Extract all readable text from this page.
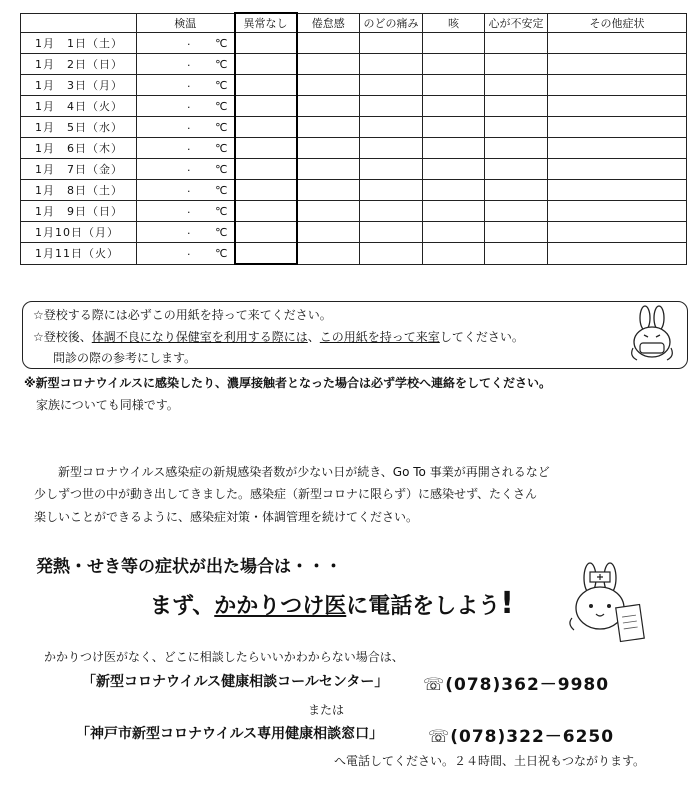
	検温	異常なし	倦怠感	のどの痛み	咳	心が不安定	その他症状
1月　1日（土）	. ℃						
1月　2日（日）	. ℃						
1月　3日（月）	. ℃						
1月　4日（火）	. ℃						
1月　5日（水）	. ℃						
1月　6日（木）	. ℃						
1月　7日（金）	. ℃						
1月　8日（土）	. ℃						
1月　9日（日）	. ℃						
1月10日（月）	. ℃						
1月11日（火）	. ℃						
☆登校する際には必ずこの用紙を持って来てください。
☆登校後、体調不良になり保健室を利用する際には、この用紙を持って来室してください。
問診の際の参考にします。
※新型コロナウイルスに感染したり、濃厚接触者となった場合は必ず学校へ連絡をしてください。
家族についても同様です。
新型コロナウイルス感染症の新規感染者数が少ない日が続き、Go To 事業が再開されるなど
少しずつ世の中が動き出してきました。感染症（新型コロナに限らず）に感染せず、たくさん
楽しいことができるように、感染症対策・体調管理を続けてください。
発熱・せき等の症状が出た場合は・・・
まず、かかりつけ医に電話をしよう!
かかりつけ医がなく、どこに相談したらいいかわからない場合は、
「新型コロナウイルス健康相談コールセンター」 ☏(078)362－9980
または
「神戸市新型コロナウイルス専用健康相談窓口」	☏(078)322－6250
へ電話してください。２４時間、土日祝もつながります。
